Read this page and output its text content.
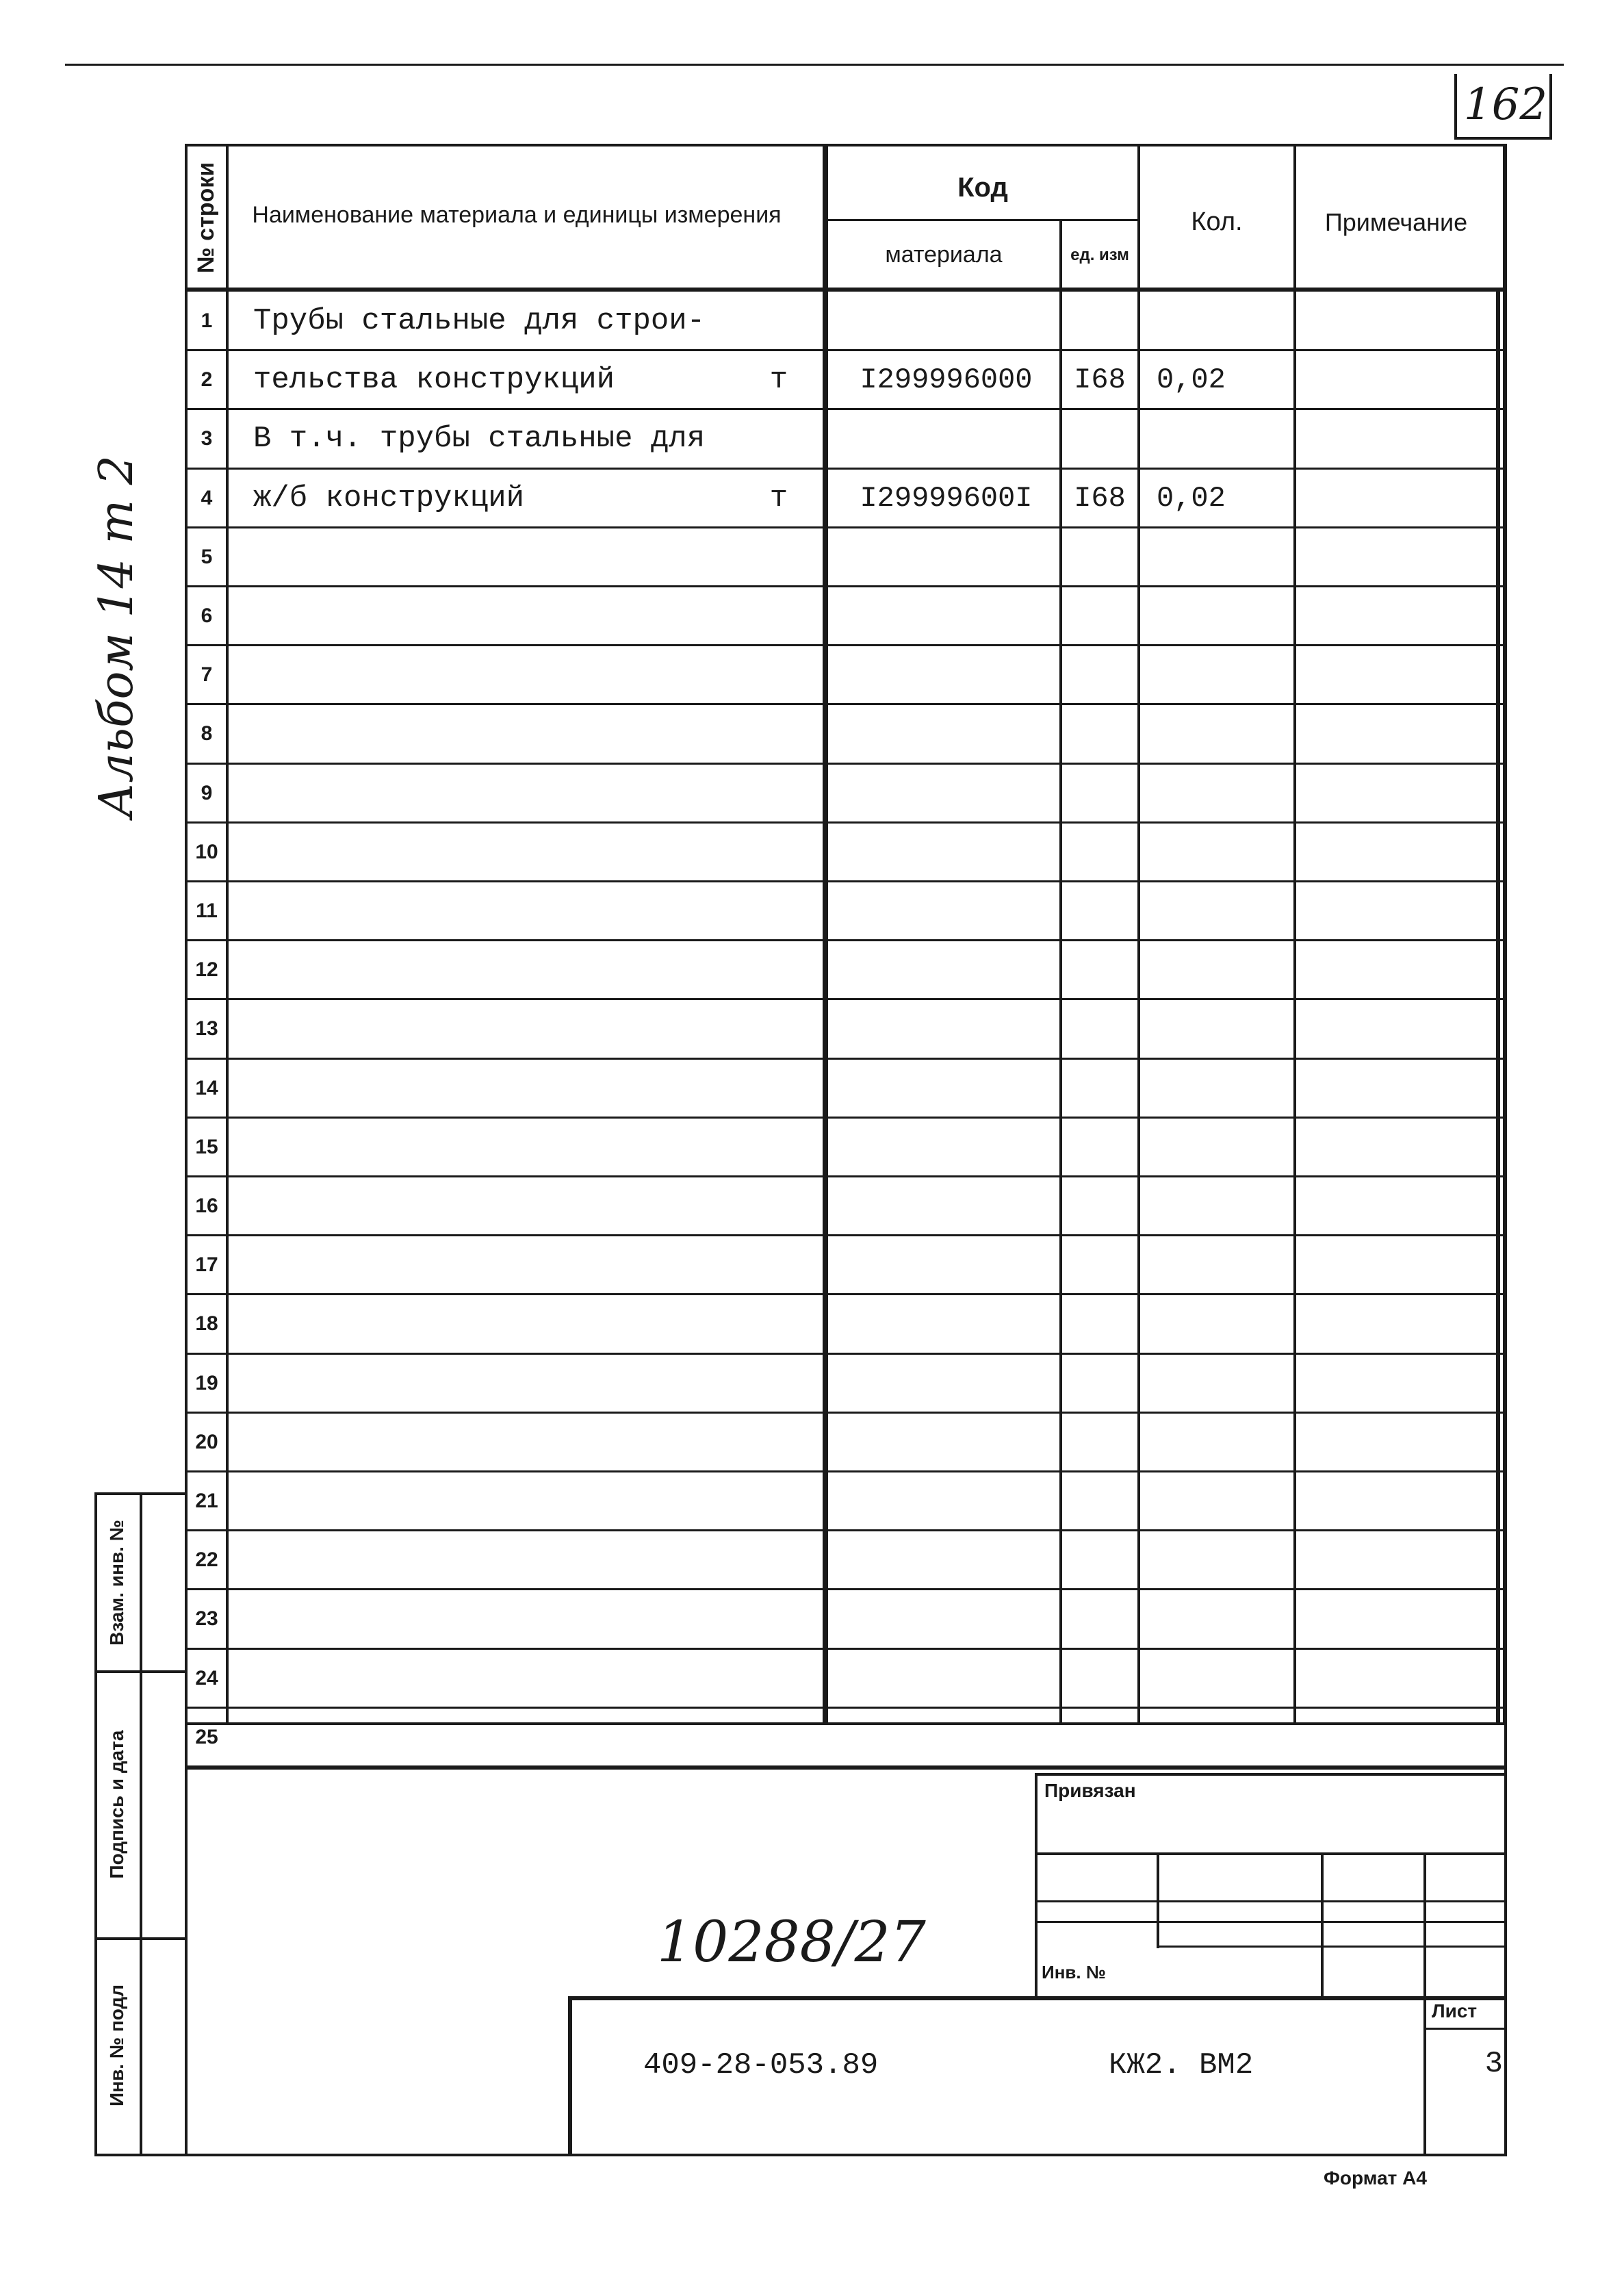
162
Альбом 14 т 2
№ строки	Наименование материала и единицы измерения
Код
материала	ед. изм
Кол.	Примечание
1	Трубы стальные для строи-
2	тельства конструкций	т	I299996000	I68	0,02
3	В т.ч. трубы стальные для
4	ж/б конструкций	т	I29999600I	I68	0,02
5
6
7
8
9
10
11
12
13
14
15
16
17
18
19
20
21
22
23
24
25
Взам. инв. №
Подпись и дата
Инв. № подл
Привязан
Инв. №
10288/27
Лист
3
409-28-053.89	КЖ2. ВМ2
Формат А4
